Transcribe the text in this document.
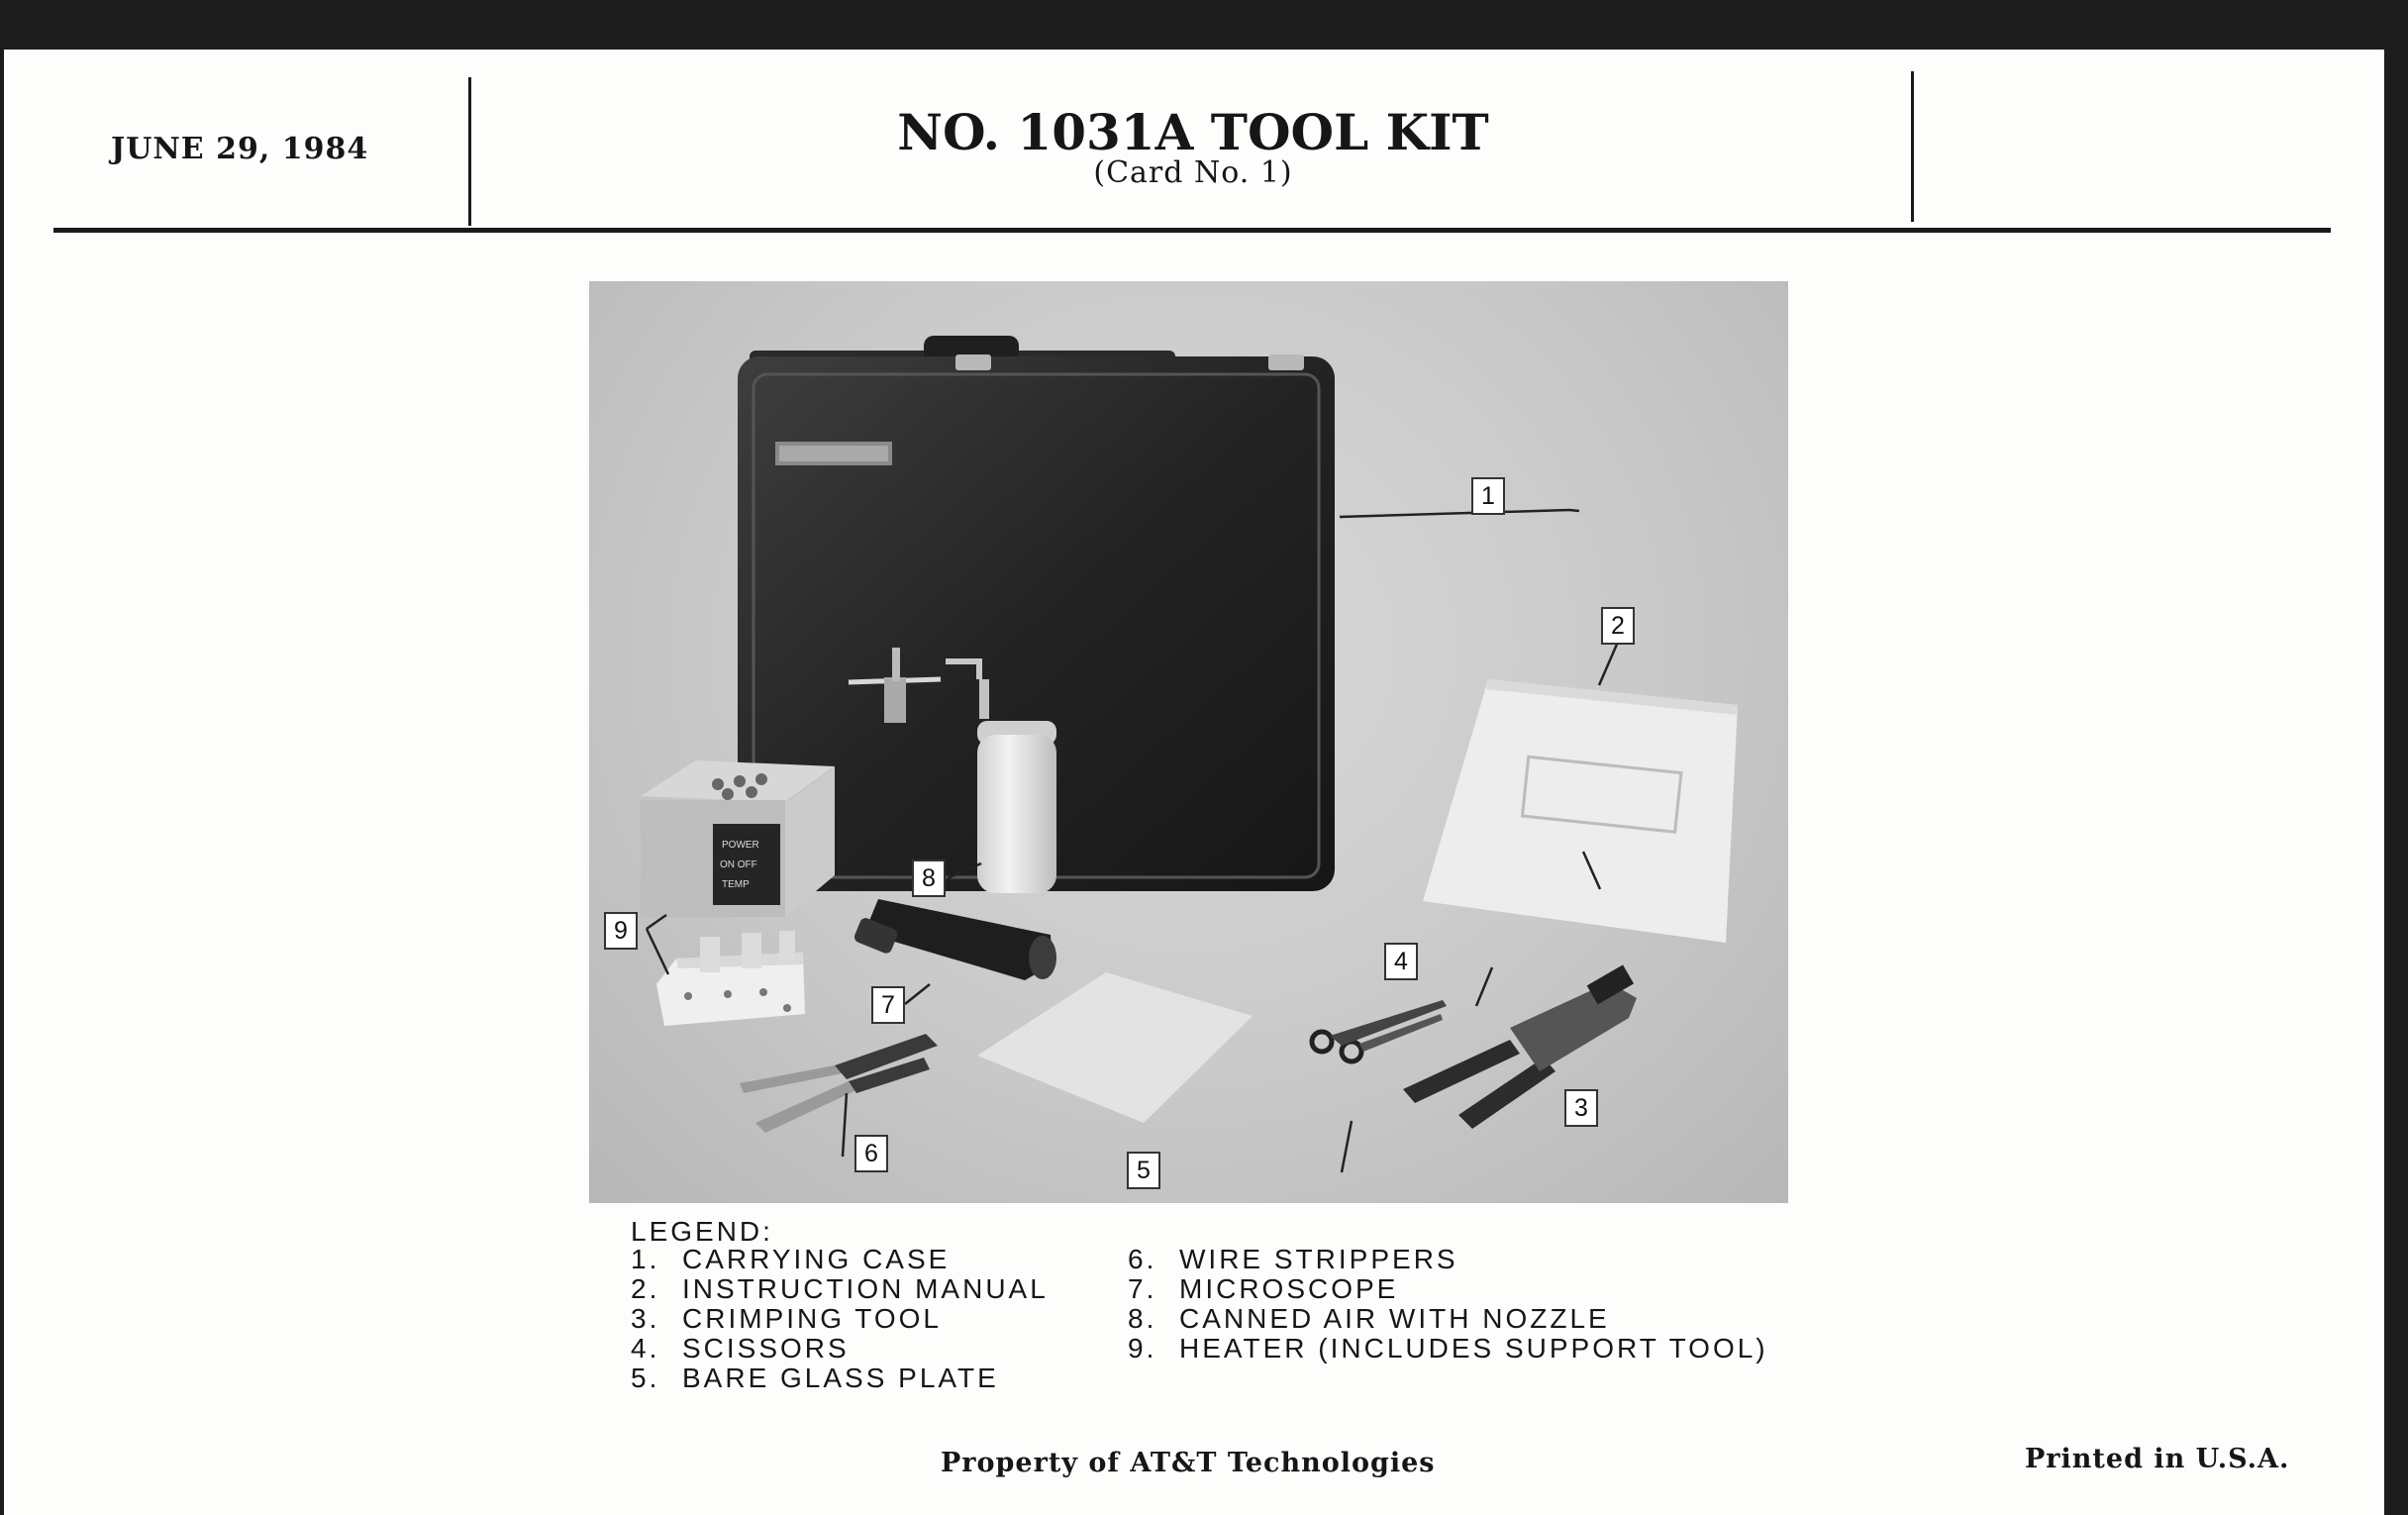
JUNE 29, 1984	NO. 1031A TOOL KIT
(Card No. 1)
POWER
ON OFF
TEMP
1
2
3
4
5
6
7
8
9
LEGEND:
1. CARRYING CASE
2. INSTRUCTION MANUAL
3. CRIMPING TOOL
4. SCISSORS
5. BARE GLASS PLATE
6. WIRE STRIPPERS
7. MICROSCOPE
8. CANNED AIR WITH NOZZLE
9. HEATER (INCLUDES SUPPORT TOOL)
Property of AT&T Technologies	Printed in U.S.A.
